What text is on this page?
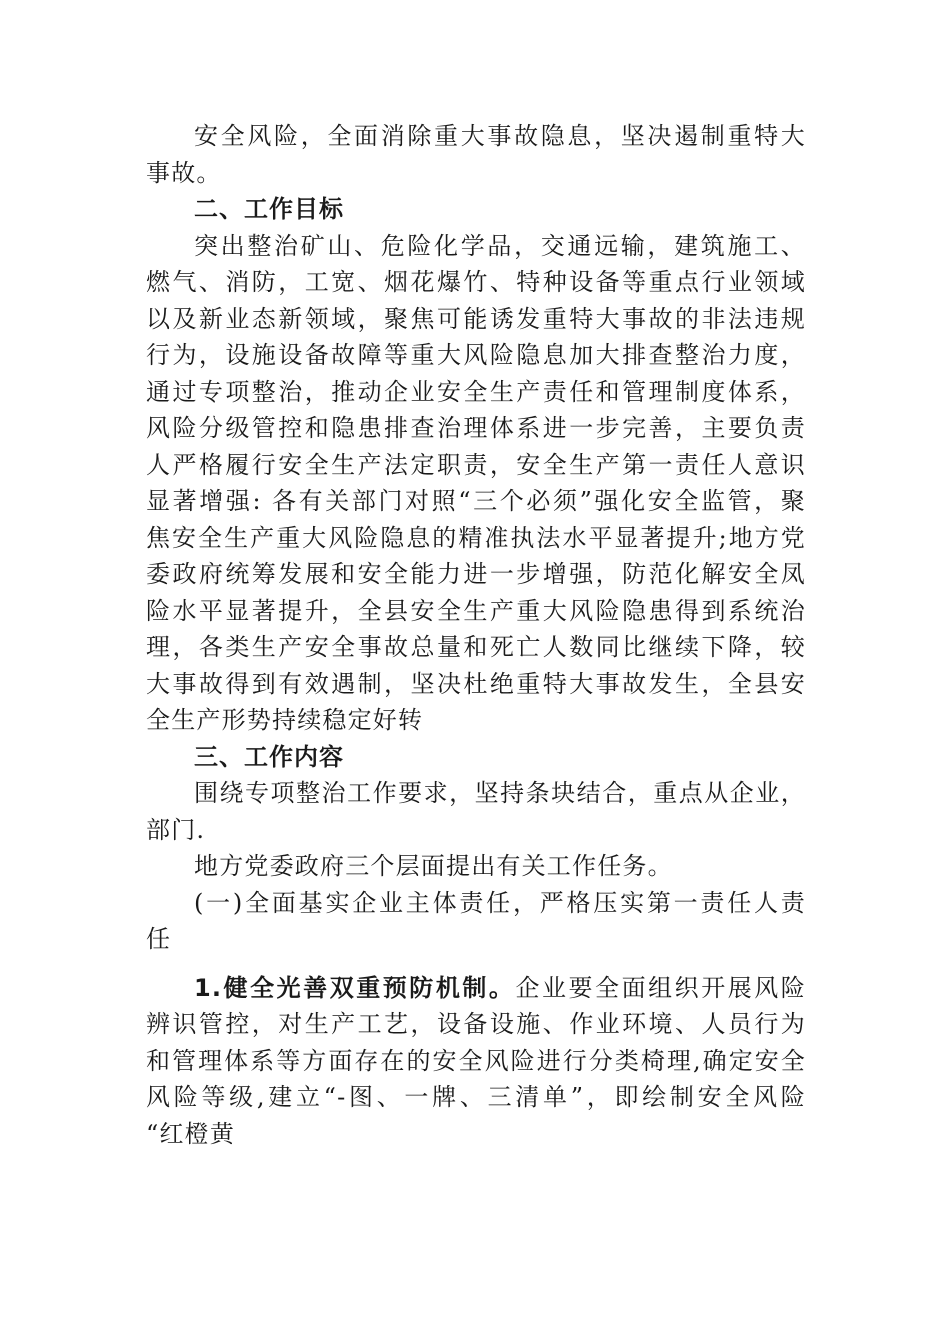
安全风险，全面消除重大事故隐息，坚决遏制重特大
事故。
二、工作目标
突出整治矿山、危险化学品，交通远输，建筑施工、
燃气、消防，工宽、烟花爆竹、特种设备等重点行业领域
以及新业态新领域，聚焦可能诱发重特大事故的非法违规
行为，设施设备故障等重大风险隐息加大排查整治力度，
通过专项整治，推动企业安全生产责任和管理制度体系，
风险分级管控和隐患排查治理体系进一步完善，主要负责
人严格履行安全生产法定职责，安全生产第一责任人意识
显著增强: 各有关部门对照“三个必须”强化安全监管，聚
焦安全生产重大风险隐息的精准执法水平显著提升;地方党
委政府统筹发展和安全能力进一步增强，防范化解安全凤
险水平显著提升，全县安全生产重大风险隐患得到系统治
理，各类生产安全事故总量和死亡人数同比继续下降，较
大事故得到有效遇制，坚决杜绝重特大事故发生，全县安
全生产形势持续稳定好转
三、工作内容
围绕专项整治工作要求，坚持条块结合，重点从企业，
部门.
地方党委政府三个层面提出有关工作任务。
(一)全面基实企业主体责任，严格压实第一责任人责
任
1.健全光善双重预防机制。企业要全面组织开展风险
辨识管控，对生产工艺，设备设施、作业环境、人员行为
和管理体系等方面存在的安全风险进行分类椅理,确定安全
风险等级,建立“-图、一牌、三清单”，即绘制安全风险
“红橙黄
